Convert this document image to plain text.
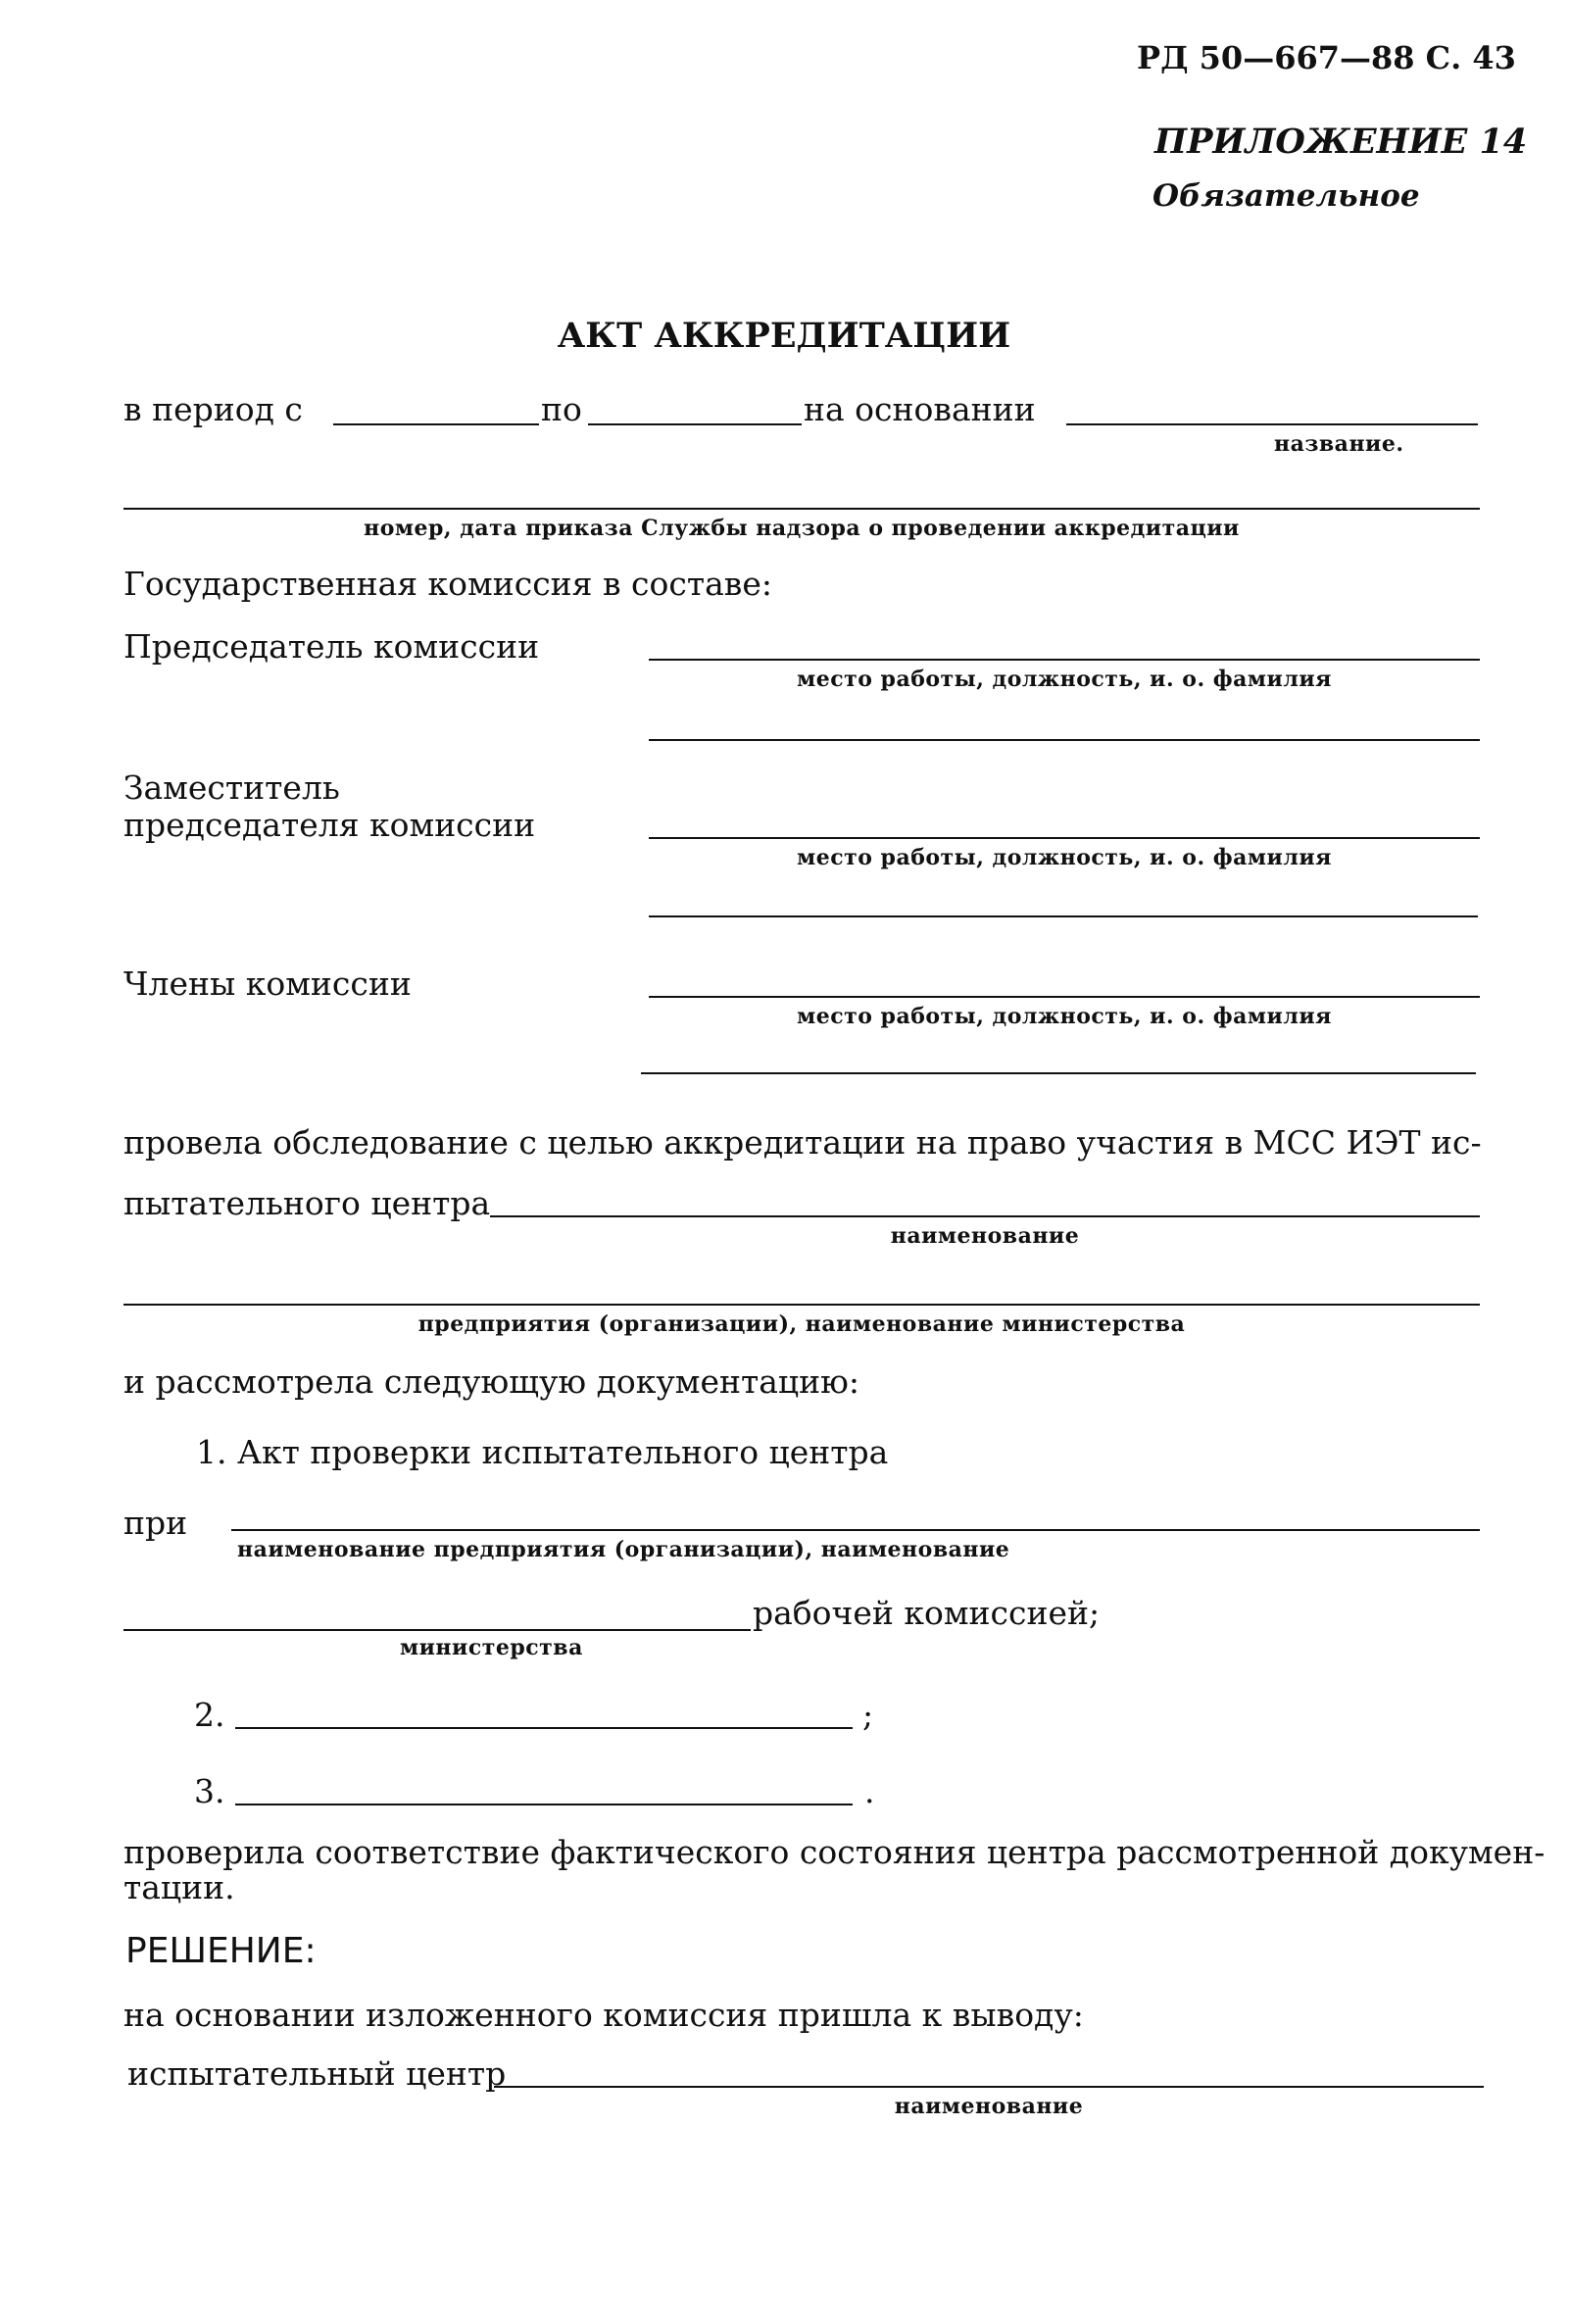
РД 50—667—88 С. 43
ПРИЛОЖЕНИЕ 14
Обязательное
АКТ АККРЕДИТАЦИИ
в период с	по	на основании
название.
номер, дата приказа Службы надзора о проведении аккредитации
Государственная комиссия в составе:
Председатель комиссии
место работы, должность, и. о. фамилия
Заместитель
председателя комиссии
место работы, должность, и. о. фамилия
Члены комиссии
место работы, должность, и. о. фамилия
провела обследование с целью аккредитации на право участия в МСС ИЭТ ис-
пытательного центра
наименование
предприятия (организации), наименование министерства
и рассмотрела следующую документацию:
1. Акт проверки испытательного центра
при
наименование предприятия (организации), наименование
рабочей комиссией;
министерства
2.	;
3.	.
проверила соответствие фактического состояния центра рассмотренной докумен-
тации.
РЕШЕНИЕ:
на основании изложенного комиссия пришла к выводу:
испытательный центр
наименование
